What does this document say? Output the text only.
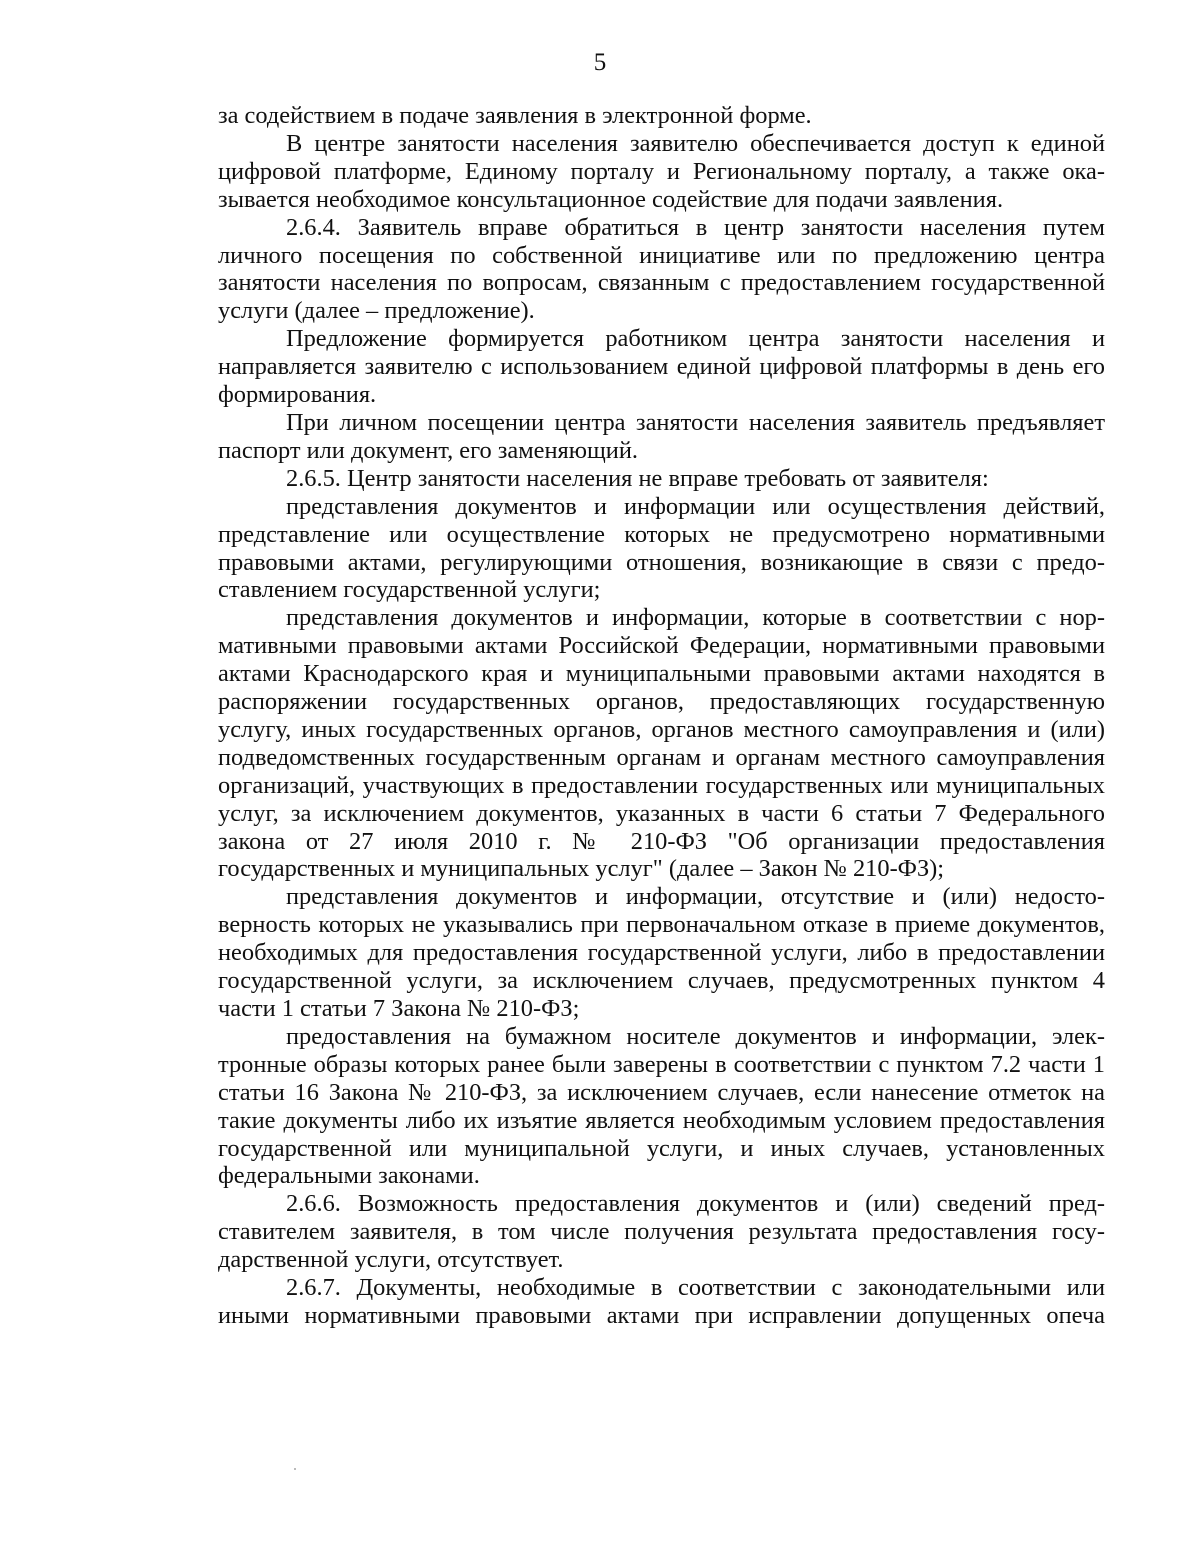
5

за содействием в подаче заявления в электронной форме.

В центре занятости населения заявителю обеспечивается доступ к единой цифровой платформе, Единому порталу и Региональному порталу, а также оказывается необходимое консультационное содействие для подачи заявления.

2.6.4. Заявитель вправе обратиться в центр занятости населения путем личного посещения по собственной инициативе или по предложению центра занятости населения по вопросам, связанным с предоставлением государственной услуги (далее – предложение).

Предложение формируется работником центра занятости населения и направляется заявителю с использованием единой цифровой платформы в день его формирования.

При личном посещении центра занятости населения заявитель предъявляет паспорт или документ, его заменяющий.

2.6.5. Центр занятости населения не вправе требовать от заявителя:

представления документов и информации или осуществления действий, представление или осуществление которых не предусмотрено нормативными правовыми актами, регулирующими отношения, возникающие в связи с предоставлением государственной услуги;

представления документов и информации, которые в соответствии с нормативными правовыми актами Российской Федерации, нормативными правовыми актами Краснодарского края и муниципальными правовыми актами находятся в распоряжении государственных органов, предоставляющих государственную услугу, иных государственных органов, органов местного самоуправления и (или) подведомственных государственным органам и органам местного самоуправления организаций, участвующих в предоставлении государственных или муниципальных услуг, за исключением документов, указанных в части 6 статьи 7 Федерального закона от 27 июля 2010 г. № 210-ФЗ "Об организации предоставления государственных и муниципальных услуг" (далее – Закон № 210-ФЗ);

представления документов и информации, отсутствие и (или) недостоверность которых не указывались при первоначальном отказе в приеме документов, необходимых для предоставления государственной услуги, либо в предоставлении государственной услуги, за исключением случаев, предусмотренных пунктом 4 части 1 статьи 7 Закона № 210-ФЗ;

предоставления на бумажном носителе документов и информации, электронные образы которых ранее были заверены в соответствии с пунктом 7.2 части 1 статьи 16 Закона № 210-ФЗ, за исключением случаев, если нанесение отметок на такие документы либо их изъятие является необходимым условием предоставления государственной или муниципальной услуги, и иных случаев, установленных федеральными законами.

2.6.6. Возможность предоставления документов и (или) сведений представителем заявителя, в том числе получения результата предоставления государственной услуги, отсутствует.

2.6.7. Документы, необходимые в соответствии с законодательными или иными нормативными правовыми актами при исправлении допущенных опеча
